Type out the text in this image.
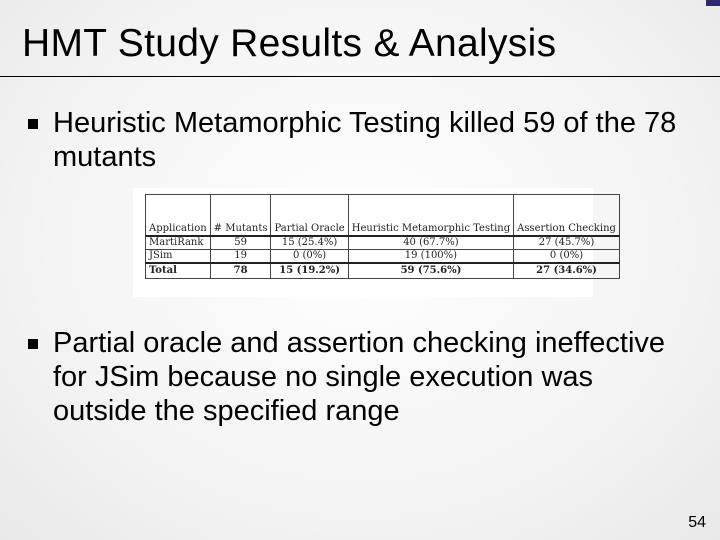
HMT Study Results & Analysis
Heuristic Metamorphic Testing killed 59 of the 78 mutants
Application	# Mutants	Partial Oracle	Heuristic Metamorphic Testing	Assertion Checking
MartiRank	59	15 (25.4%)	40 (67.7%)	27 (45.7%)
JSim	19	0 (0%)	19 (100%)	0 (0%)
Total	78	15 (19.2%)	59 (75.6%)	27 (34.6%)
Partial oracle and assertion checking ineffective for JSim because no single execution was outside the specified range
54
